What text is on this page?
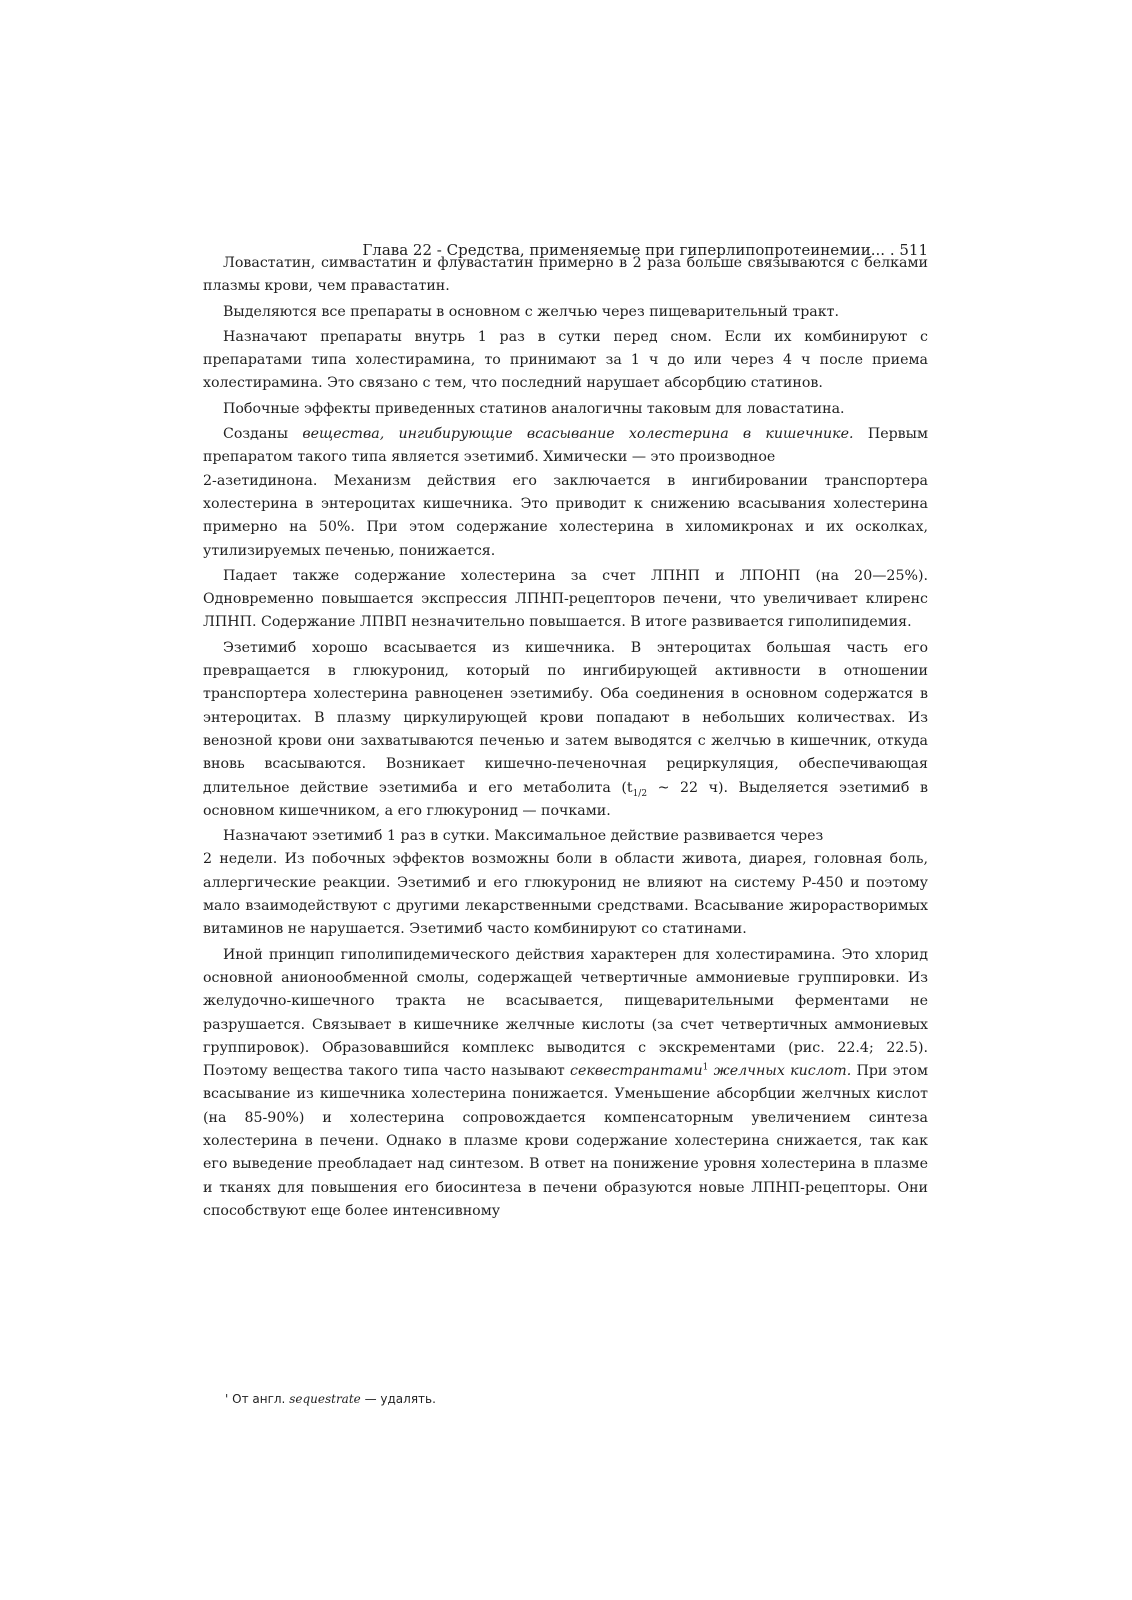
Глава 22 - Средства, применяемые при гиперлипопротеинемии... . 511

Ловастатин, симвастатин и флувастатин примерно в 2 раза больше связываются с белками плазмы крови, чем правастатин.

Выделяются все препараты в основном с желчью через пищеварительный тракт.

Назначают препараты внутрь 1 раз в сутки перед сном. Если их комбинируют с препаратами типа холестирамина, то принимают за 1 ч до или через 4 ч после приема холестирамина. Это связано с тем, что последний нарушает абсорбцию статинов.

Побочные эффекты приведенных статинов аналогичны таковым для ловастатина.

Созданы вещества, ингибирующие всасывание холестерина в кишечнике. Первым препаратом такого типа является эзетимиб. Химически — это производное
2-азетидинона. Механизм действия его заключается в ингибировании транспортера холестерина в энтероцитах кишечника. Это приводит к снижению всасывания холестерина примерно на 50%. При этом содержание холестерина в хиломикронах и их осколках, утилизируемых печенью, понижается.

Падает также содержание холестерина за счет ЛПНП и ЛПОНП (на 20—25%). Одновременно повышается экспрессия ЛПНП-рецепторов печени, что увеличивает клиренс ЛПНП. Содержание ЛПВП незначительно повышается. В итоге развивается гиполипидемия.

Эзетимиб хорошо всасывается из кишечника. В энтероцитах большая часть его превращается в глюкуронид, который по ингибирующей активности в отношении транспортера холестерина равноценен эзетимибу. Оба соединения в основном содержатся в энтероцитах. В плазму циркулирующей крови попадают в небольших количествах. Из венозной крови они захватываются печенью и затем выводятся с желчью в кишечник, откуда вновь всасываются. Возникает кишечно-печеночная рециркуляция, обеспечивающая длительное действие эзетимиба и его метаболита ($t_{1/2}$ ~ 22 ч). Выделяется эзетимиб в основном кишечником, а его глюкуронид — почками.

Назначают эзетимиб 1 раз в сутки. Максимальное действие развивается через
2 недели. Из побочных эффектов возможны боли в области живота, диарея, головная боль, аллергические реакции. Эзетимиб и его глюкуронид не влияют на систему Р-450 и поэтому мало взаимодействуют с другими лекарственными средствами. Всасывание жирорастворимых витаминов не нарушается. Эзетимиб часто комбинируют со статинами.

Иной принцип гиполипидемического действия характерен для холестирамина. Это хлорид основной анионообменной смолы, содержащей четвертичные аммониевые группировки. Из желудочно-кишечного тракта не всасывается, пищеварительными ферментами не разрушается. Связывает в кишечнике желчные кислоты (за счет четвертичных аммониевых группировок). Образовавшийся комплекс выводится с экскрементами (рис. 22.4; 22.5). Поэтому вещества такого типа часто называют секвестрантами$^1$ желчных кислот. При этом всасывание из кишечника холестерина понижается. Уменьшение абсорбции желчных кислот (на 85-90%) и холестерина сопровождается компенсаторным увеличением синтеза холестерина в печени. Однако в плазме крови содержание холестерина снижается, так как его выведение преобладает над синтезом. В ответ на понижение уровня холестерина в плазме и тканях для повышения его биосинтеза в печени образуются новые ЛПНП-рецепторы. Они способствуют еще более интенсивному

' От англ. sequestrate — удалять.
